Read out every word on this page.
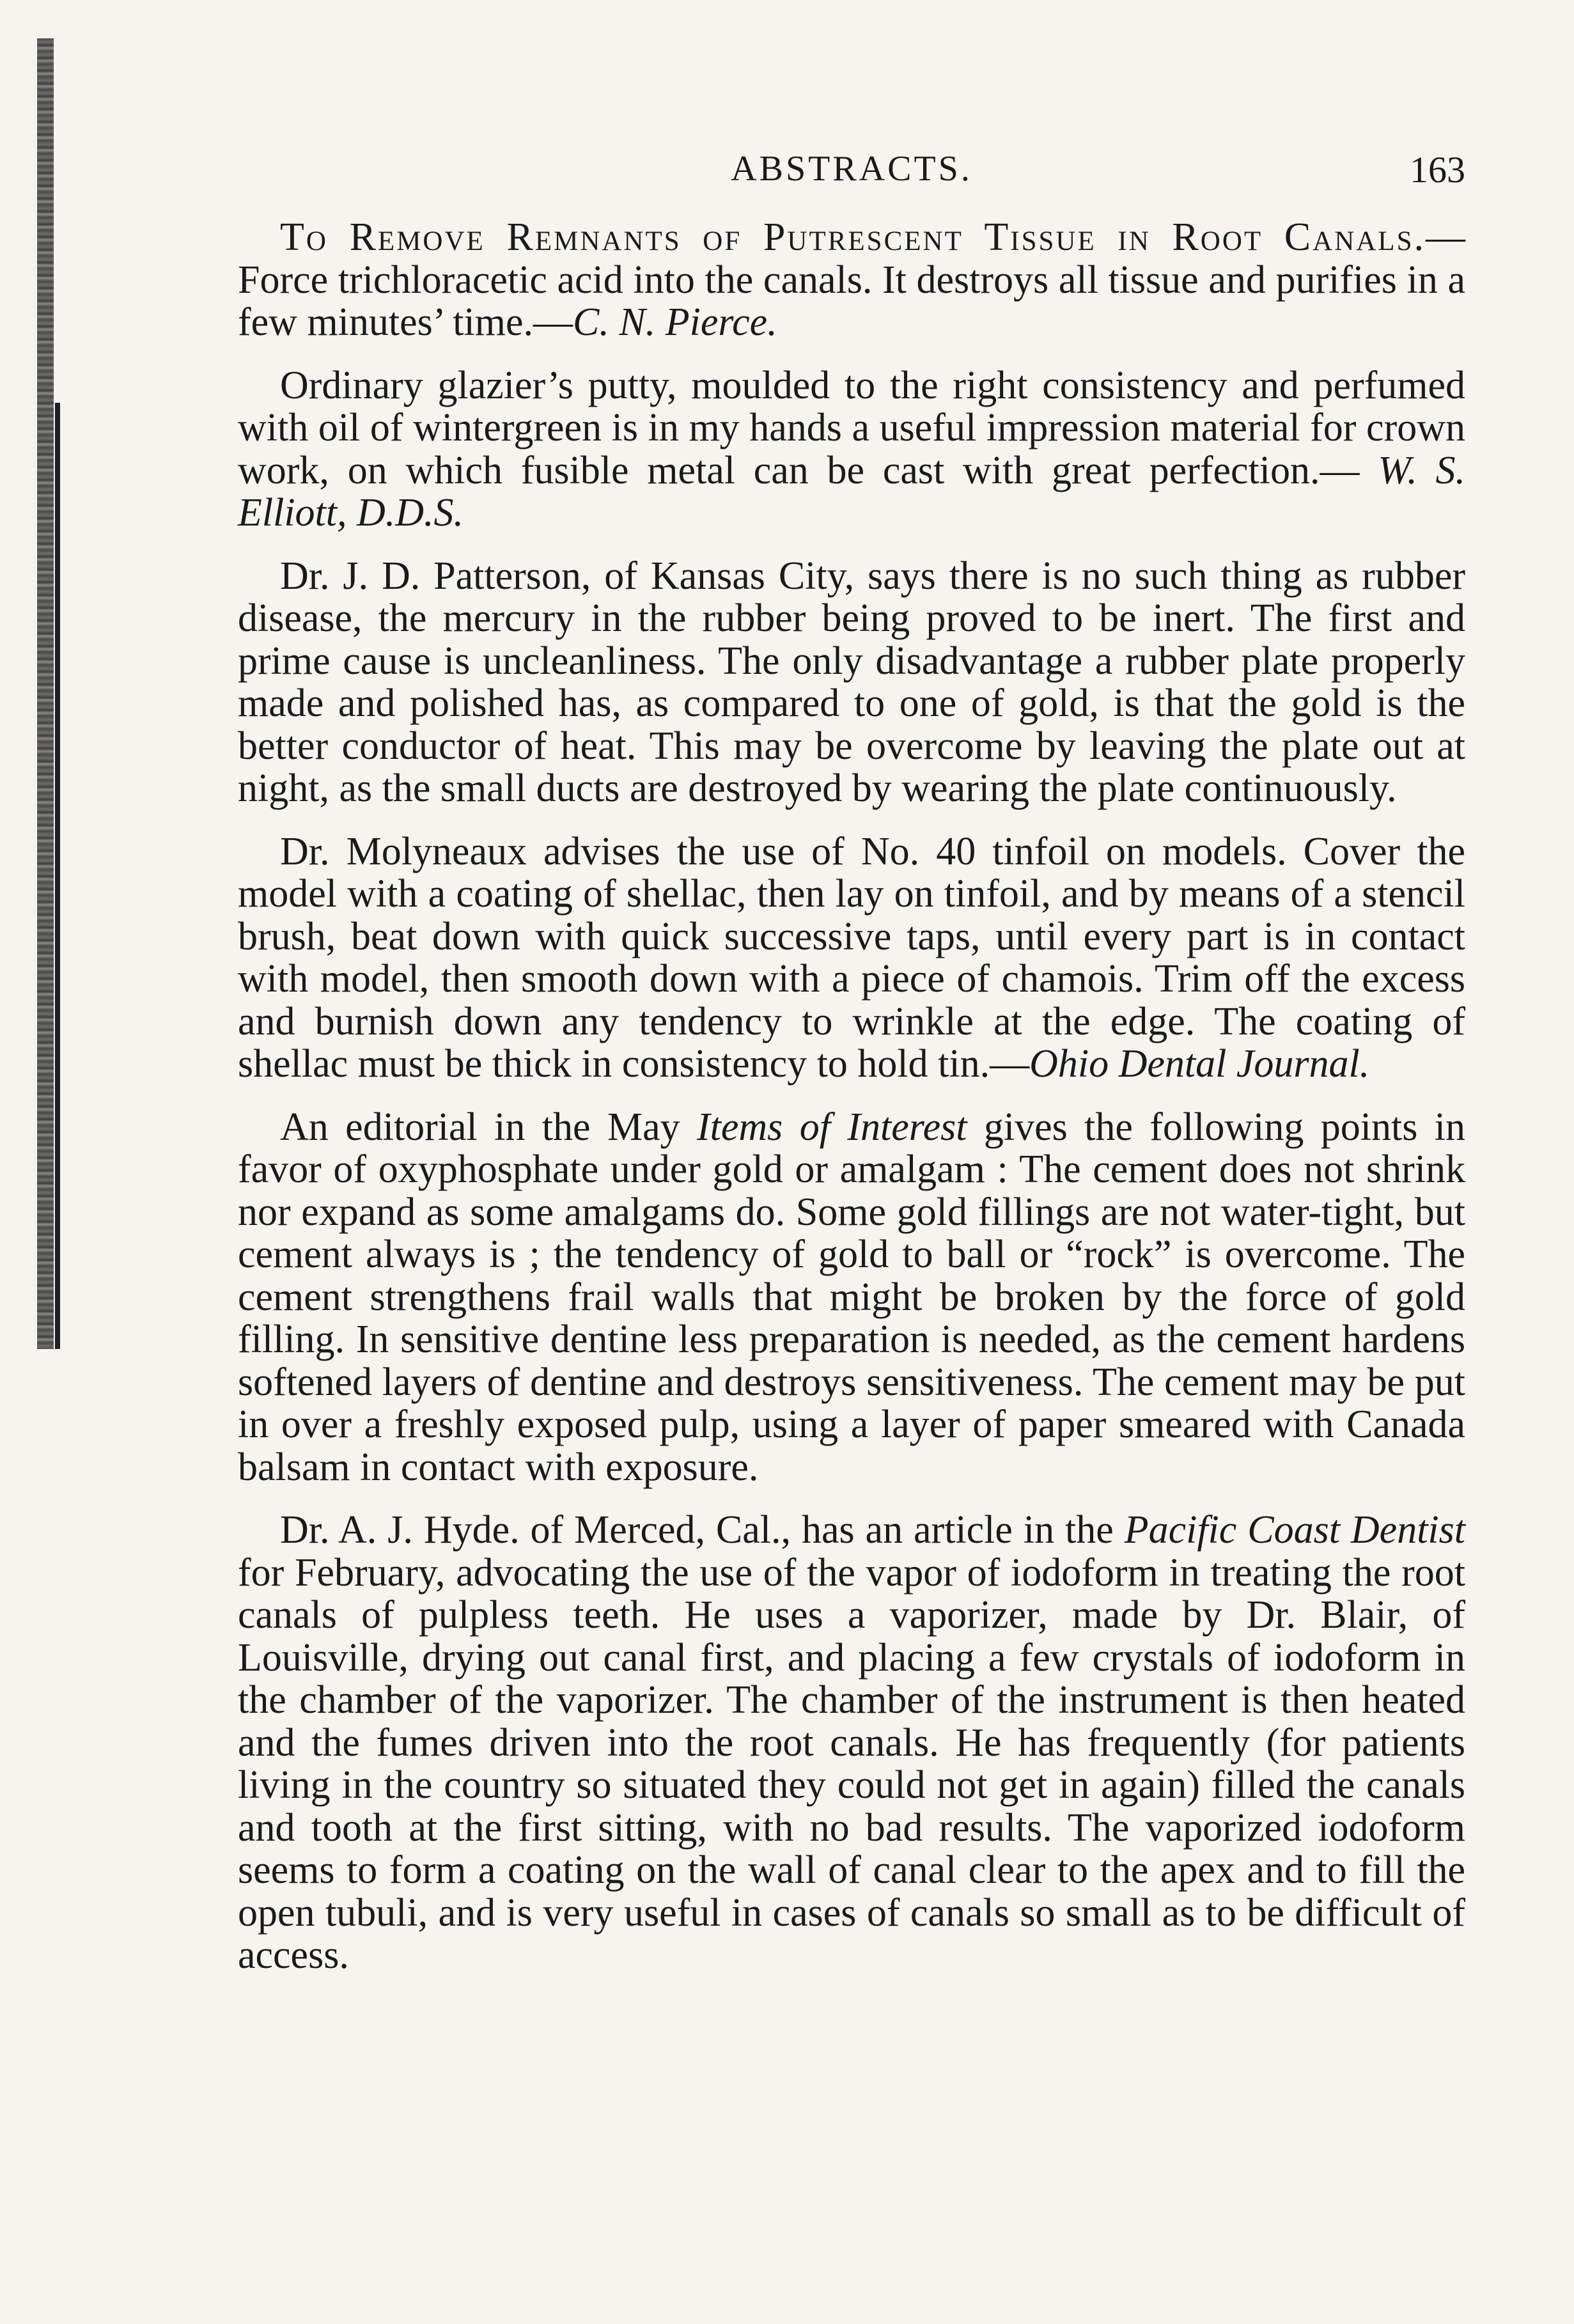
ABSTRACTS.	163

To Remove Remnants of Putrescent Tissue in Root Canals.—Force trichloracetic acid into the canals. It destroys all tissue and purifies in a few minutes’ time.—C. N. Pierce.

Ordinary glazier’s putty, moulded to the right consistency and perfumed with oil of wintergreen is in my hands a useful impression material for crown work, on which fusible metal can be cast with great perfection.— W. S. Elliott, D.D.S.

Dr. J. D. Patterson, of Kansas City, says there is no such thing as rubber disease, the mercury in the rubber being proved to be inert. The first and prime cause is uncleanliness. The only disadvantage a rubber plate properly made and polished has, as compared to one of gold, is that the gold is the better conductor of heat. This may be overcome by leaving the plate out at night, as the small ducts are destroyed by wearing the plate continuously.

Dr. Molyneaux advises the use of No. 40 tinfoil on models. Cover the model with a coating of shellac, then lay on tinfoil, and by means of a stencil brush, beat down with quick successive taps, until every part is in contact with model, then smooth down with a piece of chamois. Trim off the excess and burnish down any tendency to wrinkle at the edge. The coating of shellac must be thick in consistency to hold tin.—Ohio Dental Journal.

An editorial in the May Items of Interest gives the following points in favor of oxyphosphate under gold or amalgam : The cement does not shrink nor expand as some amalgams do. Some gold fillings are not water-tight, but cement always is ; the tendency of gold to ball or “rock” is overcome. The cement strengthens frail walls that might be broken by the force of gold filling. In sensitive dentine less preparation is needed, as the cement hardens softened layers of dentine and destroys sensitiveness. The cement may be put in over a freshly exposed pulp, using a layer of paper smeared with Canada balsam in contact with exposure.

Dr. A. J. Hyde. of Merced, Cal., has an article in the Pacific Coast Dentist for February, advocating the use of the vapor of iodoform in treating the root canals of pulpless teeth. He uses a vaporizer, made by Dr. Blair, of Louisville, drying out canal first, and placing a few crystals of iodoform in the chamber of the vaporizer. The chamber of the instrument is then heated and the fumes driven into the root canals. He has frequently (for patients living in the country so situated they could not get in again) filled the canals and tooth at the first sitting, with no bad results. The vaporized iodoform seems to form a coating on the wall of canal clear to the apex and to fill the open tubuli, and is very useful in cases of canals so small as to be difficult of access.
